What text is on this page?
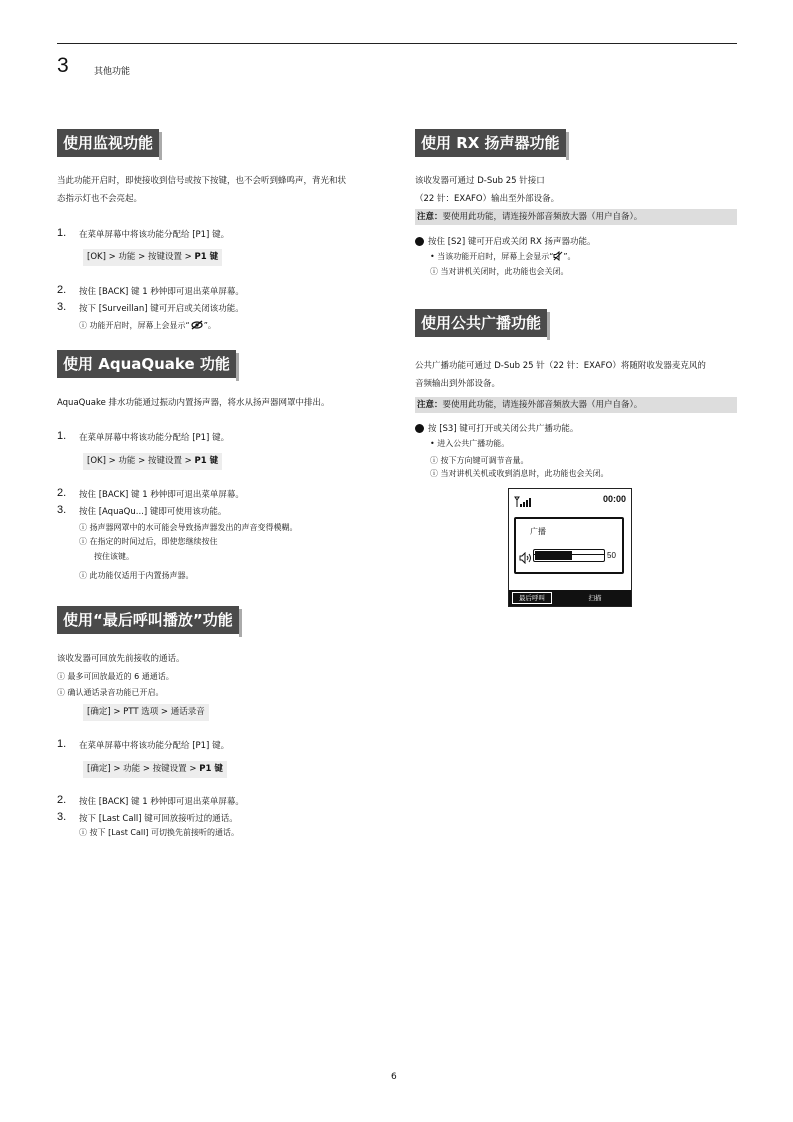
3	其他功能
使用监视功能
当此功能开启时，即使接收到信号或按下按键，也不会听到蜂鸣声，背光和状
态指示灯也不会亮起。
1. 在菜单屏幕中将该功能分配给 [P1] 键。
[OK] > 功能 > 按键设置 > P1 键
2. 按住 [BACK] 键 1 秒钟即可退出菜单屏幕。
3. 按下 [Surveillan] 键可开启或关闭该功能。
ⓘ 功能开启时，屏幕上会显示“ ”。
使用 AquaQuake 功能
AquaQuake 排水功能通过振动内置扬声器，将水从扬声器网罩中排出。
1. 在菜单屏幕中将该功能分配给 [P1] 键。
[OK] > 功能 > 按键设置 > P1 键
2. 按住 [BACK] 键 1 秒钟即可退出菜单屏幕。
3. 按住 [AquaQu...] 键即可使用该功能。
ⓘ 扬声器网罩中的水可能会导致扬声器发出的声音变得模糊。
ⓘ 在指定的时间过后，即使您继续按住
按住该键。
ⓘ 此功能仅适用于内置扬声器。
使用“最后呼叫播放”功能
该收发器可回放先前接收的通话。
ⓘ 最多可回放最近的 6 通通话。
ⓘ 确认通话录音功能已开启。
[确定] > PTT 选项 > 通话录音
1. 在菜单屏幕中将该功能分配给 [P1] 键。
[确定] > 功能 > 按键设置 > P1 键
2. 按住 [BACK] 键 1 秒钟即可退出菜单屏幕。
3. 按下 [Last Call] 键可回放接听过的通话。
ⓘ 按下 [Last Call] 可切换先前接听的通话。
使用 RX 扬声器功能
该收发器可通过 D-Sub 25 针接口
（22 针：EXAFO）输出至外部设备。
注意：要使用此功能，请连接外部音频放大器（用户自备）。
按住 [S2] 键可开启或关闭 RX 扬声器功能。
• 当该功能开启时，屏幕上会显示“ ”。
ⓘ 当对讲机关闭时，此功能也会关闭。
使用公共广播功能
公共广播功能可通过 D-Sub 25 针（22 针：EXAFO）将随附收发器麦克风的
音频输出到外部设备。
注意：要使用此功能，请连接外部音频放大器（用户自备）。
按 [S3] 键可打开或关闭公共广播功能。
• 进入公共广播功能。
ⓘ 按下方向键可调节音量。
ⓘ 当对讲机关机或收到消息时，此功能也会关闭。
00:00
广播
50
最后呼叫	扫描
6
